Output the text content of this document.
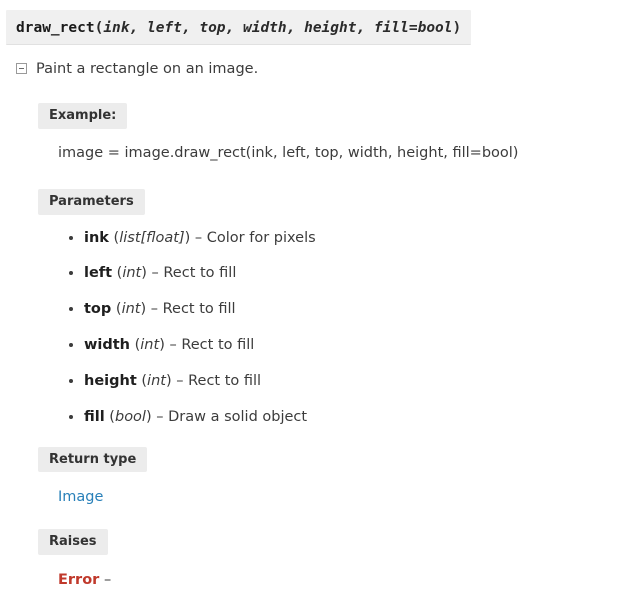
draw_rect(ink, left, top, width, height, fill=bool)
Paint a rectangle on an image.
Example:
image = image.draw_rect(ink, left, top, width, height, fill=bool)
Parameters
• ink (list[float]) – Color for pixels
• left (int) – Rect to fill
• top (int) – Rect to fill
• width (int) – Rect to fill
• height (int) – Rect to fill
• fill (bool) – Draw a solid object
Return type
Image
Raises
Error –
